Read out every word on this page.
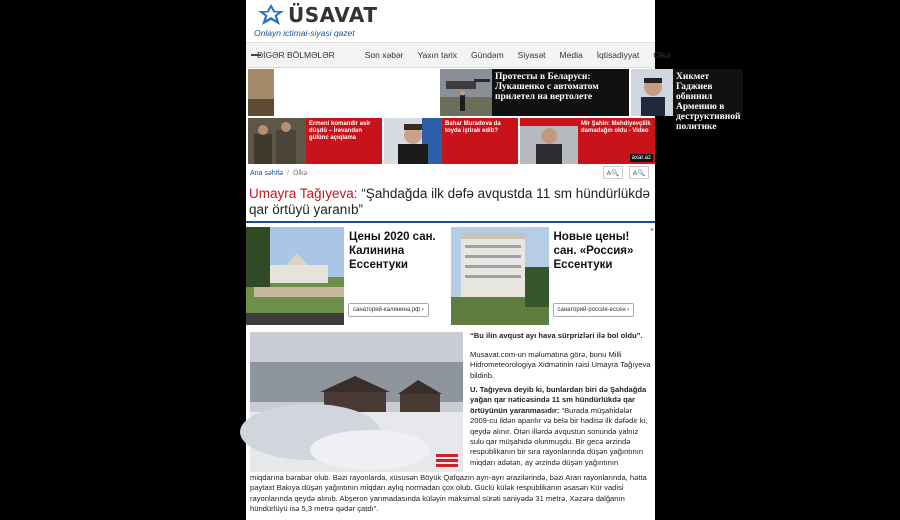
ÜSAVAT
Onlayn ictimai-siyasi qəzet
DİGƏR BÖLMƏLƏR	Son xəbər Yaxın tarix Gündəm Siyasət Media İqtisadiyyat Ölkə
Протесты в Беларуси: Лукашенко с автоматом прилетел на вертолете
Хикмет Гаджиев обвинил Армению в деструктивной политике
Ermeni komandir əsir düşdü – İrəvandan gülünc açıqlama
Bahar Muradova da toyda iştirak edib?
Mir Şahin: Mehdiyevçilik damadağın oldu - Video
axar.az
Ana səhifə / Ölkə	A🔍	A🔍
Umayra Tağıyeva: “Şahdağda ilk dəfə avqustda 11 sm hündürlükdə qar örtüyü yaranıb”
Цены 2020 сан. Калинина Ессентуки
санаторий-калинина.рф ›
Новые цены! сан. «Россия» Ессентуки
санаторий-россия-ессен ›
×
“Bu ilin avqust ayı hava sürprizləri ilə bol oldu”.
Musavat.com-un məlumatına görə, bunu Milli Hidrometeorologiya Xidmətinin rəisi Umayra Tağıyeva bildirib.
U. Tağıyeva deyib ki, bunlardan biri də Şahdağda yağan qar nəticəsində 11 sm hündürlükdə qar örtüyünün yaranmasıdır: “Burada müşahidələr 2009-cu ildən aparılır və belə bir hadisə ilk dəfədir ki, qeydə alınır. Ötən illərdə avqustun sonunda yalnız sulu qar müşahidə olunmuşdu. Bir gecə ərzində respublikanın bir sıra rayonlarında düşən yağıntının miqdarı adətən, ay ərzində düşən yağıntının
miqdarına bərabər olub. Bəzi rayonlarda, xüsusən Böyük Qafqazın ayrı-ayrı ərazilərində, bəzi Aran rayonlarında, hətta paytaxt Bakıya düşən yağıntının miqdarı aylıq normadan çox olub. Güclü külək respublikanın əsasən Kür vadisi rayonlarında qeydə alınıb. Abşeron yarımadasında küləyin maksimal sürəti saniyədə 31 metrə, Xəzərə dalğanın hündürlüyü isə 5,3 metrə qədər çatdı”.
